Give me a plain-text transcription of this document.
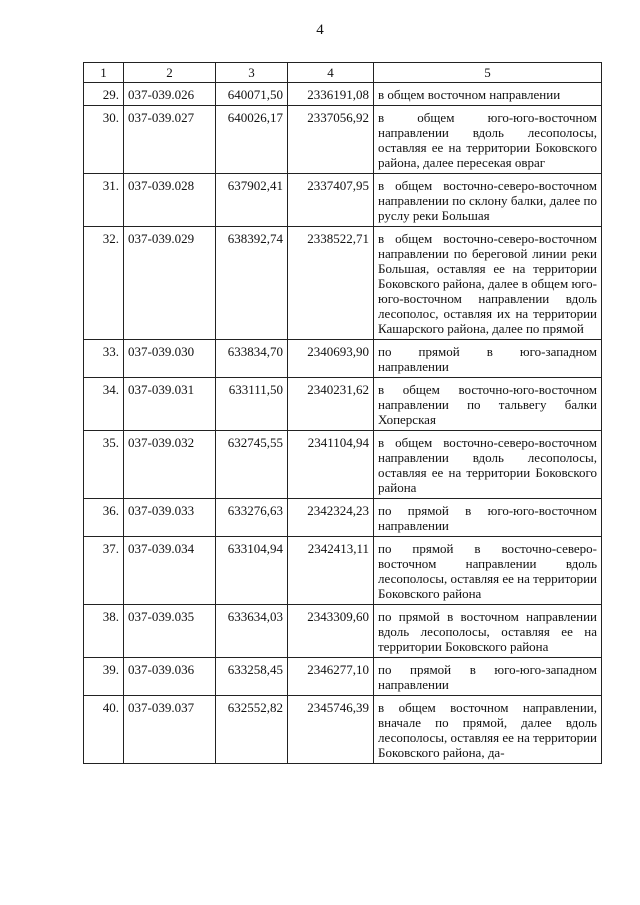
4
1	2	3	4	5
29.	037-039.026	640071,50	2336191,08	в общем восточном направлении
30.	037-039.027	640026,17	2337056,92	в общем юго-юго-восточном направлении вдоль лесополосы, оставляя ее на территории Боковского района, далее пересекая овраг
31.	037-039.028	637902,41	2337407,95	в общем восточно-северо-восточном направлении по склону балки, далее по руслу реки Большая
32.	037-039.029	638392,74	2338522,71	в общем восточно-северо-восточном направлении по береговой линии реки Большая, оставляя ее на территории Боковского района, далее в общем юго-юго-восточном направлении вдоль лесополос, оставляя их на территории Кашарского района, далее по прямой
33.	037-039.030	633834,70	2340693,90	по прямой в юго-западном направлении
34.	037-039.031	633111,50	2340231,62	в общем восточно-юго-восточном направлении по тальвегу балки Хоперская
35.	037-039.032	632745,55	2341104,94	в общем восточно-северо-восточном направлении вдоль лесополосы, оставляя ее на территории Боковского района
36.	037-039.033	633276,63	2342324,23	по прямой в юго-юго-восточном направлении
37.	037-039.034	633104,94	2342413,11	по прямой в восточно-северо-восточном направлении вдоль лесополосы, оставляя ее на территории Боковского района
38.	037-039.035	633634,03	2343309,60	по прямой в восточном направлении вдоль лесополосы, оставляя ее на территории Боковского района
39.	037-039.036	633258,45	2346277,10	по прямой в юго-юго-западном направлении
40.	037-039.037	632552,82	2345746,39	в общем восточном направлении, вначале по прямой, далее вдоль лесополосы, оставляя ее на территории Боковского района, да-
